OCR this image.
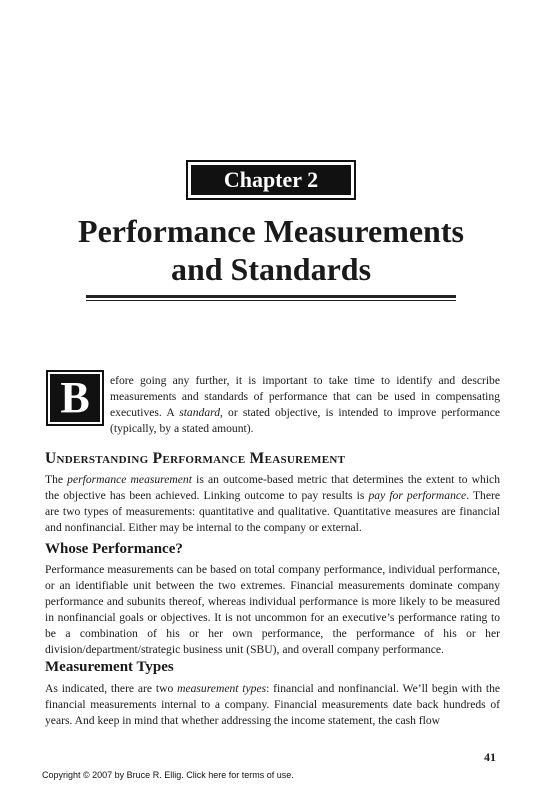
Chapter 2
Performance Measurements
and Standards
B	efore going any further, it is important to take time to identify and describe measurements and standards of performance that can be used in compensating executives. A standard, or stated objective, is intended to improve performance (typically, by a stated amount).

Understanding Performance Measurement

The performance measurement is an outcome-based metric that determines the extent to which the objective has been achieved. Linking outcome to pay results is pay for performance. There are two types of measurements: quantitative and qualitative. Quantitative measures are financial and nonfinancial. Either may be internal to the company or external.

Whose Performance?

Performance measurements can be based on total company performance, individual performance, or an identifiable unit between the two extremes. Financial measurements dominate company performance and subunits thereof, whereas individual performance is more likely to be measured in nonfinancial goals or objectives. It is not uncommon for an executive’s performance rating to be a combination of his or her own performance, the performance of his or her division/department/strategic business unit (SBU), and overall company performance.

Measurement Types

As indicated, there are two measurement types: financial and nonfinancial. We’ll begin with the financial measurements internal to a company. Financial measurements date back hundreds of years. And keep in mind that whether addressing the income statement, the cash flow

41
Copyright © 2007 by Bruce R. Ellig. Click here for terms of use.
